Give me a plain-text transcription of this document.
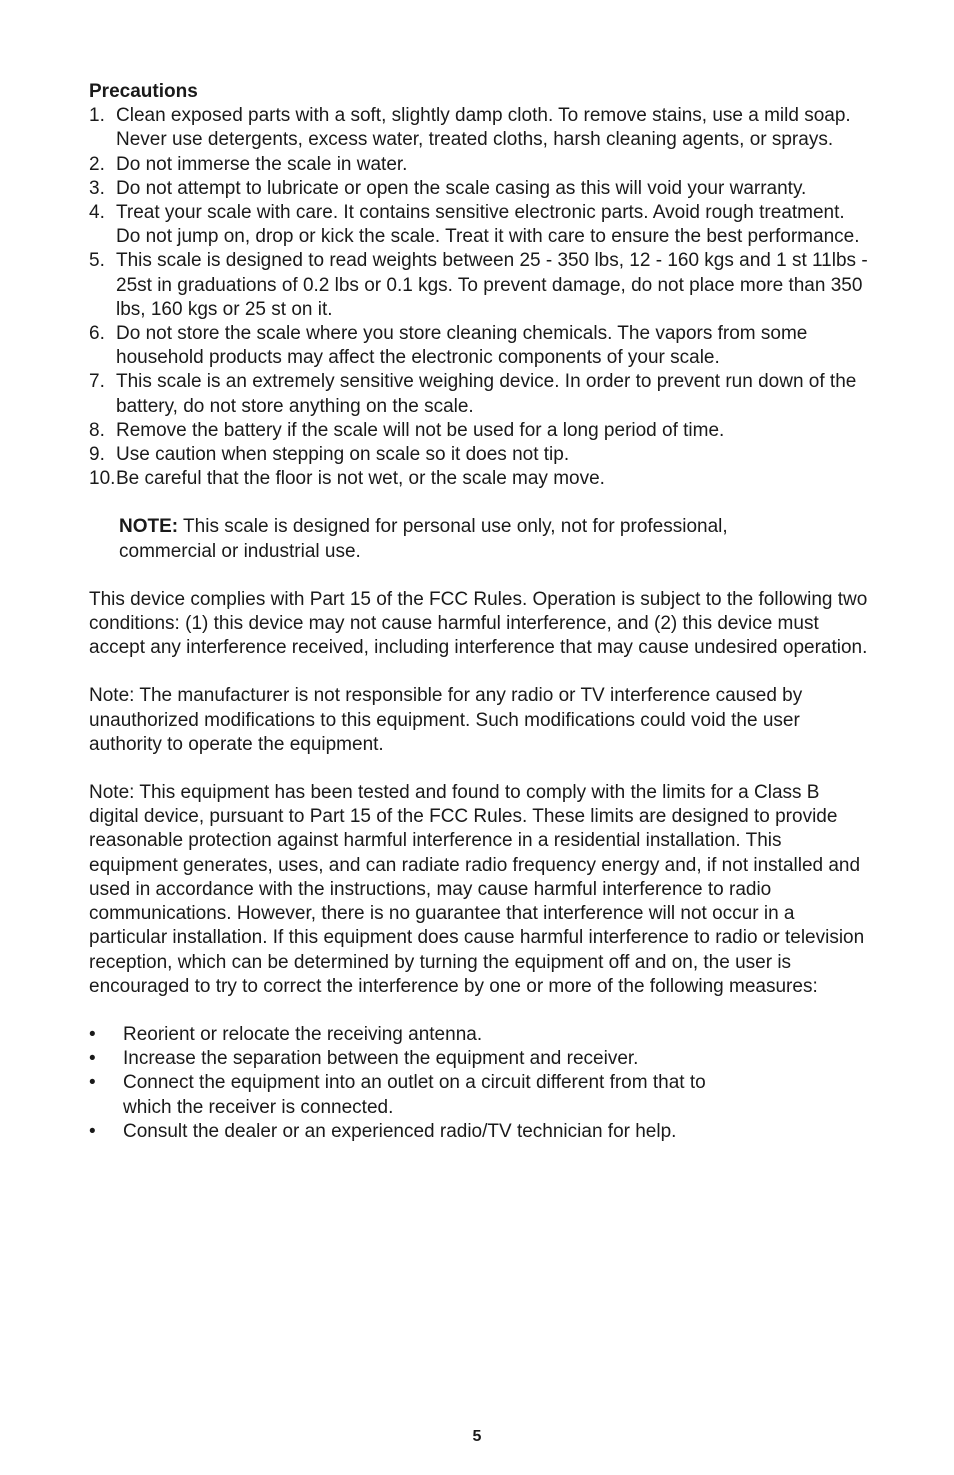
Precautions
1. Clean exposed parts with a soft, slightly damp cloth. To remove stains, use a mild soap. Never use detergents, excess water, treated cloths, harsh cleaning agents, or sprays.
2. Do not immerse the scale in water.
3. Do not attempt to lubricate or open the scale casing as this will void your warranty.
4. Treat your scale with care. It contains sensitive electronic parts. Avoid rough treatment. Do not jump on, drop or kick the scale. Treat it with care to ensure the best performance.
5. This scale is designed to read weights between 25 - 350 lbs, 12 - 160 kgs and 1 st 11lbs - 25st in graduations of 0.2 lbs or 0.1 kgs. To prevent damage, do not place more than 350 lbs, 160 kgs or 25 st on it.
6. Do not store the scale where you store cleaning chemicals. The vapors from some household products may affect the electronic components of your scale.
7. This scale is an extremely sensitive weighing device. In order to prevent run down of the battery, do not store anything on the scale.
8. Remove the battery if the scale will not be used for a long period of time.
9. Use caution when stepping on scale so it does not tip.
10. Be careful that the floor is not wet, or the scale may move.

NOTE: This scale is designed for personal use only, not for professional, commercial or industrial use.

This device complies with Part 15 of the FCC Rules. Operation is subject to the following two conditions: (1) this device may not cause harmful interference, and (2) this device must accept any interference received, including interference that may cause undesired operation.

Note: The manufacturer is not responsible for any radio or TV interference caused by unauthorized modifications to this equipment. Such modifications could void the user authority to operate the equipment.

Note: This equipment has been tested and found to comply with the limits for a Class B digital device, pursuant to Part 15 of the FCC Rules. These limits are designed to provide reasonable protection against harmful interference in a residential installation. This equipment generates, uses, and can radiate radio frequency energy and, if not installed and used in accordance with the instructions, may cause harmful interference to radio communications. However, there is no guarantee that interference will not occur in a particular installation. If this equipment does cause harmful interference to radio or television reception, which can be determined by turning the equipment off and on, the user is encouraged to try to correct the interference by one or more of the following measures:

• Reorient or relocate the receiving antenna.
• Increase the separation between the equipment and receiver.
• Connect the equipment into an outlet on a circuit different from that to which the receiver is connected.
• Consult the dealer or an experienced radio/TV technician for help.
5
